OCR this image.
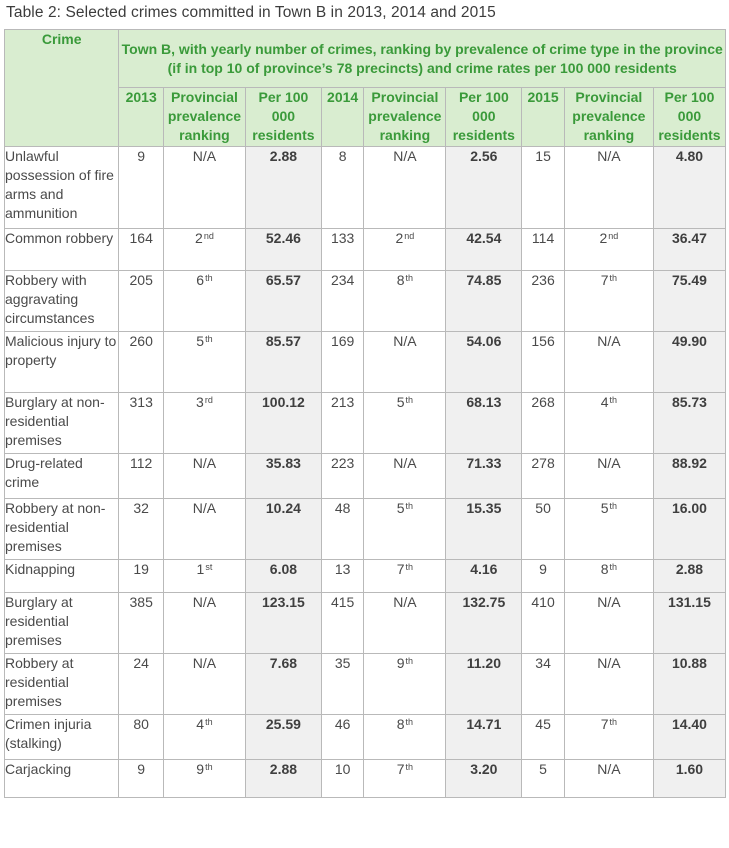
Table 2: Selected crimes committed in Town B in 2013, 2014 and 2015
Crime	Town B, with yearly number of crimes, ranking by prevalence of crime type in the province (if in top 10 of province’s 78 precincts) and crime rates per 100 000 residents								
	2013	Provincial prevalence ranking	Per 100 000 residents	2014	Provincial prevalence ranking	Per 100 000 residents	2015	Provincial prevalence ranking	Per 100 000 residents
Unlawful possession of fire arms and ammunition	9	N/A	2.88	8	N/A	2.56	15	N/A	4.80
Common robbery	164	2nd	52.46	133	2nd	42.54	114	2nd	36.47
Robbery with aggravating circumstances	205	6th	65.57	234	8th	74.85	236	7th	75.49
Malicious injury to property	260	5th	85.57	169	N/A	54.06	156	N/A	49.90
Burglary at non-residential premises	313	3rd	100.12	213	5th	68.13	268	4th	85.73
Drug-related crime	112	N/A	35.83	223	N/A	71.33	278	N/A	88.92
Robbery at non-residential premises	32	N/A	10.24	48	5th	15.35	50	5th	16.00
Kidnapping	19	1st	6.08	13	7th	4.16	9	8th	2.88
Burglary at residential premises	385	N/A	123.15	415	N/A	132.75	410	N/A	131.15
Robbery at residential premises	24	N/A	7.68	35	9th	11.20	34	N/A	10.88
Crimen injuria (stalking)	80	4th	25.59	46	8th	14.71	45	7th	14.40
Carjacking	9	9th	2.88	10	7th	3.20	5	N/A	1.60
